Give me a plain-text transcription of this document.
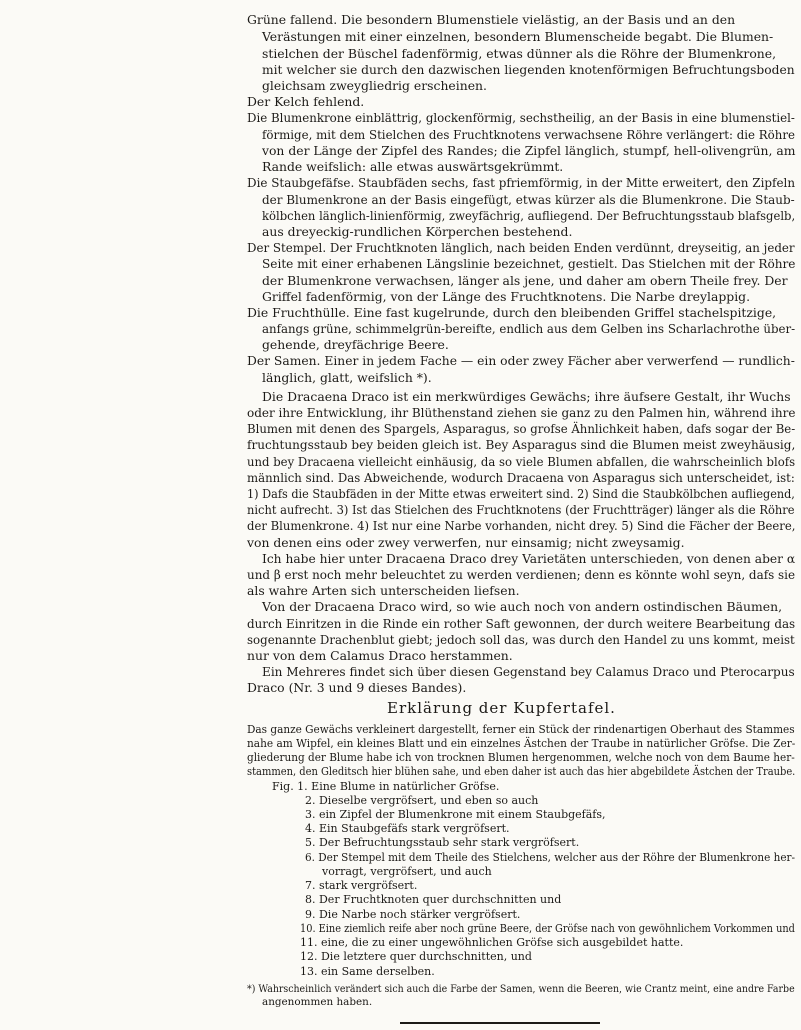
Grüne fallend. Die besondern Blumenstiele vielästig, an der Basis und an den
Verästungen mit einer einzelnen, besondern Blumenscheide begabt. Die Blumen-
stielchen der Büschel fadenförmig, etwas dünner als die Röhre der Blumenkrone,
mit welcher sie durch den dazwischen liegenden knotenförmigen Befruchtungsboden
gleichsam zweygliedrig erscheinen.
Der Kelch fehlend.
Die Blumenkrone einblättrig, glockenförmig, sechstheilig, an der Basis in eine blumenstiel-
förmige, mit dem Stielchen des Fruchtknotens verwachsene Röhre verlängert: die Röhre
von der Länge der Zipfel des Randes; die Zipfel länglich, stumpf, hell-olivengrün, am
Rande weifslich: alle etwas auswärtsgekrümmt.
Die Staubgefäfse. Staubfäden sechs, fast pfriemförmig, in der Mitte erweitert, den Zipfeln
der Blumenkrone an der Basis eingefügt, etwas kürzer als die Blumenkrone. Die Staub-
kölbchen länglich-linienförmig, zweyfächrig, aufliegend. Der Befruchtungsstaub blafsgelb,
aus dreyeckig-rundlichen Körperchen bestehend.
Der Stempel. Der Fruchtknoten länglich, nach beiden Enden verdünnt, dreyseitig, an jeder
Seite mit einer erhabenen Längslinie bezeichnet, gestielt. Das Stielchen mit der Röhre
der Blumenkrone verwachsen, länger als jene, und daher am obern Theile frey. Der
Griffel fadenförmig, von der Länge des Fruchtknotens. Die Narbe dreylappig.
Die Fruchthülle. Eine fast kugelrunde, durch den bleibenden Griffel stachelspitzige,
anfangs grüne, schimmelgrün-bereifte, endlich aus dem Gelben ins Scharlachrothe über-
gehende, dreyfächrige Beere.
Der Samen. Einer in jedem Fache — ein oder zwey Fächer aber verwerfend — rundlich-
länglich, glatt, weifslich *).
Die Dracaena Draco ist ein merkwürdiges Gewächs; ihre äufsere Gestalt, ihr Wuchs
oder ihre Entwicklung, ihr Blüthenstand ziehen sie ganz zu den Palmen hin, während ihre
Blumen mit denen des Spargels, Asparagus, so grofse Ähnlichkeit haben, dafs sogar der Be-
fruchtungsstaub bey beiden gleich ist. Bey Asparagus sind die Blumen meist zweyhäusig,
und bey Dracaena vielleicht einhäusig, da so viele Blumen abfallen, die wahrscheinlich blofs
männlich sind. Das Abweichende, wodurch Dracaena von Asparagus sich unterscheidet, ist:
1) Dafs die Staubfäden in der Mitte etwas erweitert sind. 2) Sind die Staubkölbchen aufliegend,
nicht aufrecht. 3) Ist das Stielchen des Fruchtknotens (der Fruchtträger) länger als die Röhre
der Blumenkrone. 4) Ist nur eine Narbe vorhanden, nicht drey. 5) Sind die Fächer der Beere,
von denen eins oder zwey verwerfen, nur einsamig; nicht zweysamig.
Ich habe hier unter Dracaena Draco drey Varietäten unterschieden, von denen aber α
und β erst noch mehr beleuchtet zu werden verdienen; denn es könnte wohl seyn, dafs sie
als wahre Arten sich unterscheiden liefsen.
Von der Dracaena Draco wird, so wie auch noch von andern ostindischen Bäumen,
durch Einritzen in die Rinde ein rother Saft gewonnen, der durch weitere Bearbeitung das
sogenannte Drachenblut giebt; jedoch soll das, was durch den Handel zu uns kommt, meist
nur von dem Calamus Draco herstammen.
Ein Mehreres findet sich über diesen Gegenstand bey Calamus Draco und Pterocarpus
Draco (Nr. 3 und 9 dieses Bandes).
Erklärung der Kupfertafel.
Das ganze Gewächs verkleinert dargestellt, ferner ein Stück der rindenartigen Oberhaut des Stammes
nahe am Wipfel, ein kleines Blatt und ein einzelnes Ästchen der Traube in natürlicher Gröfse. Die Zer-
gliederung der Blume habe ich von trocknen Blumen hergenommen, welche noch von dem Baume her-
stammen, den Gleditsch hier blühen sahe, und eben daher ist auch das hier abgebildete Ästchen der Traube.
Fig. 1. Eine Blume in natürlicher Gröfse.
2. Dieselbe vergröfsert, und eben so auch
3. ein Zipfel der Blumenkrone mit einem Staubgefäfs,
4. Ein Staubgefäfs stark vergröfsert.
5. Der Befruchtungsstaub sehr stark vergröfsert.
6. Der Stempel mit dem Theile des Stielchens, welcher aus der Röhre der Blumenkrone her-
vorragt, vergröfsert, und auch
7. stark vergröfsert.
8. Der Fruchtknoten quer durchschnitten und
9. Die Narbe noch stärker vergröfsert.
10. Eine ziemlich reife aber noch grüne Beere, der Gröfse nach von gewöhnlichem Vorkommen und
11. eine, die zu einer ungewöhnlichen Gröfse sich ausgebildet hatte.
12. Die letztere quer durchschnitten, und
13. ein Same derselben.
*) Wahrscheinlich verändert sich auch die Farbe der Samen, wenn die Beeren, wie Crantz meint, eine andre Farbe
angenommen haben.
